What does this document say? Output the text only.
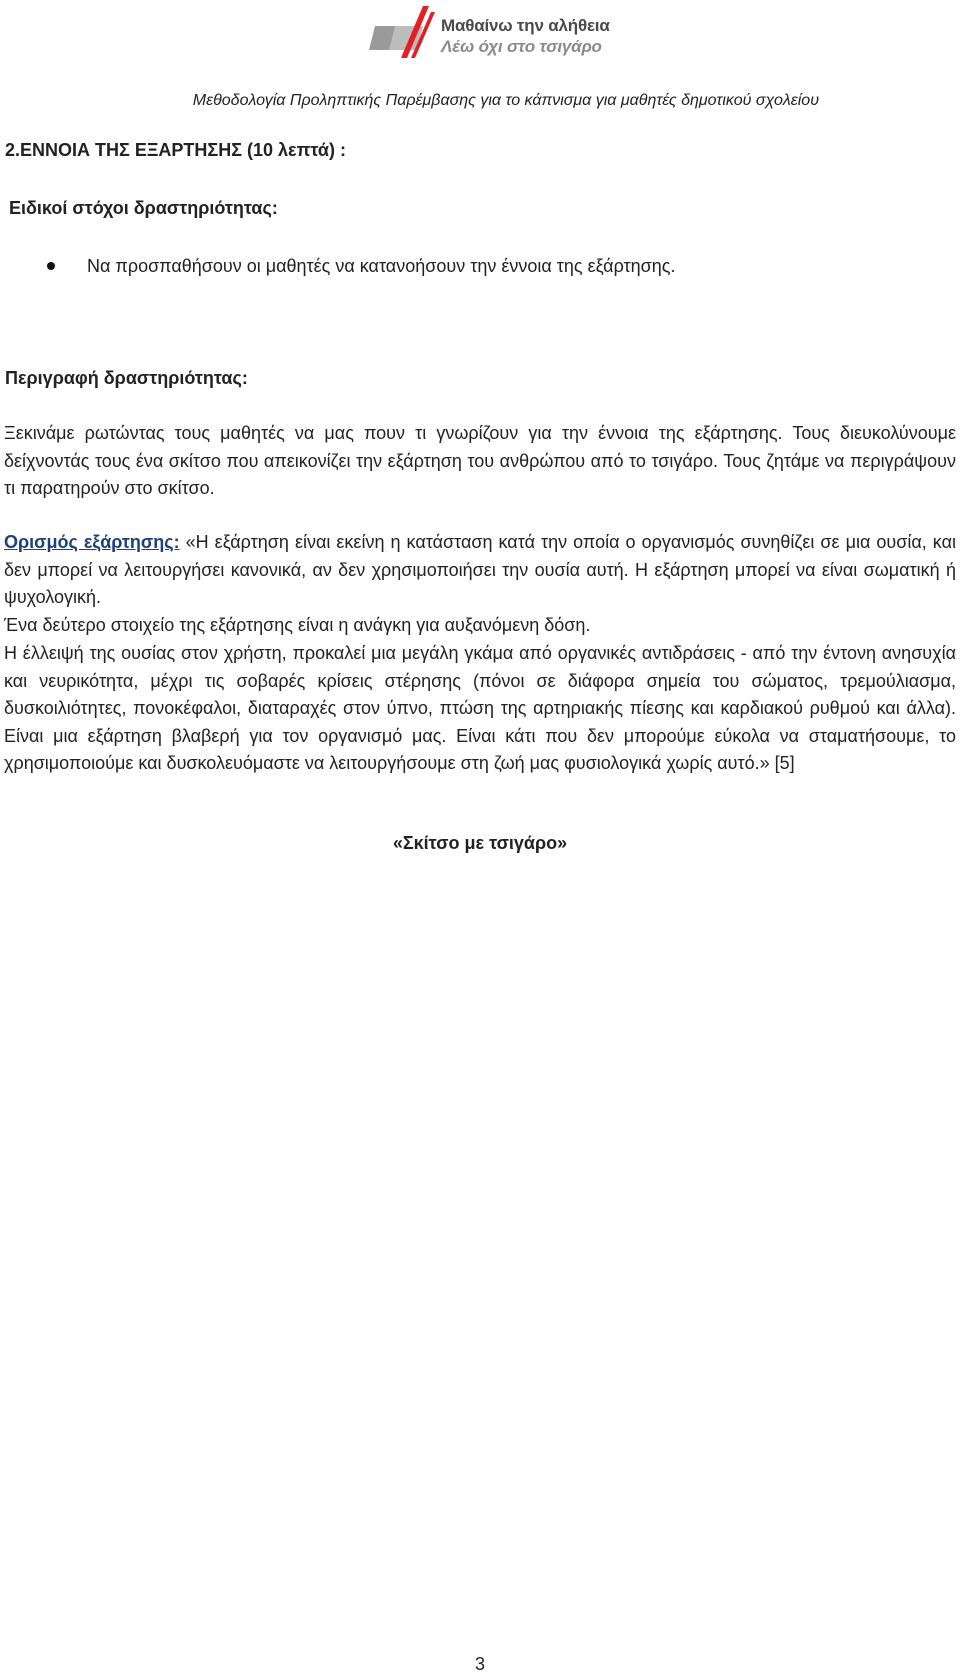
Μαθαίνω την αλήθεια
Λέω όχι στο τσιγάρο
Μεθοδολογία Προληπτικής Παρέμβασης για το κάπνισμα για μαθητές δημοτικού σχολείου
2.ΕΝΝΟΙΑ ΤΗΣ ΕΞΑΡΤΗΣΗΣ (10 λεπτά) :
Ειδικοί στόχοι δραστηριότητας:
Να προσπαθήσουν οι μαθητές να κατανοήσουν την έννοια της εξάρτησης.
Περιγραφή δραστηριότητας:

Ξεκινάμε ρωτώντας τους μαθητές να μας πουν τι γνωρίζουν για την έννοια της εξάρτησης. Τους διευκολύνουμε δείχνοντάς τους ένα σκίτσο που απεικονίζει την εξάρτηση του ανθρώπου από το τσιγάρο. Τους ζητάμε να περιγράψουν τι παρατηρούν στο σκίτσο.

Ορισμός εξάρτησης: «Η εξάρτηση είναι εκείνη η κατάσταση κατά την οποία ο οργανισμός συνηθίζει σε μια ουσία, και δεν μπορεί να λειτουργήσει κανονικά, αν δεν χρησιμοποιήσει την ουσία αυτή. Η εξάρτηση μπορεί να είναι σωματική ή ψυχολογική.

Ένα δεύτερο στοιχείο της εξάρτησης είναι η ανάγκη για αυξανόμενη δόση.

Η έλλειψή της ουσίας στον χρήστη, προκαλεί μια μεγάλη γκάμα από οργανικές αντιδράσεις - από την έντονη ανησυχία και νευρικότητα, μέχρι τις σοβαρές κρίσεις στέρησης (πόνοι σε διάφορα σημεία του σώματος, τρεμούλιασμα, δυσκοιλιότητες, πονοκέφαλοι, διαταραχές στον ύπνο, πτώση της αρτηριακής πίεσης και καρδιακού ρυθμού και άλλα). Είναι μια εξάρτηση βλαβερή για τον οργανισμό μας. Είναι κάτι που δεν μπορούμε εύκολα να σταματήσουμε, το χρησιμοποιούμε και δυσκολευόμαστε να λειτουργήσουμε στη ζωή μας φυσιολογικά χωρίς αυτό.» [5]

«Σκίτσο με τσιγάρο»
3
